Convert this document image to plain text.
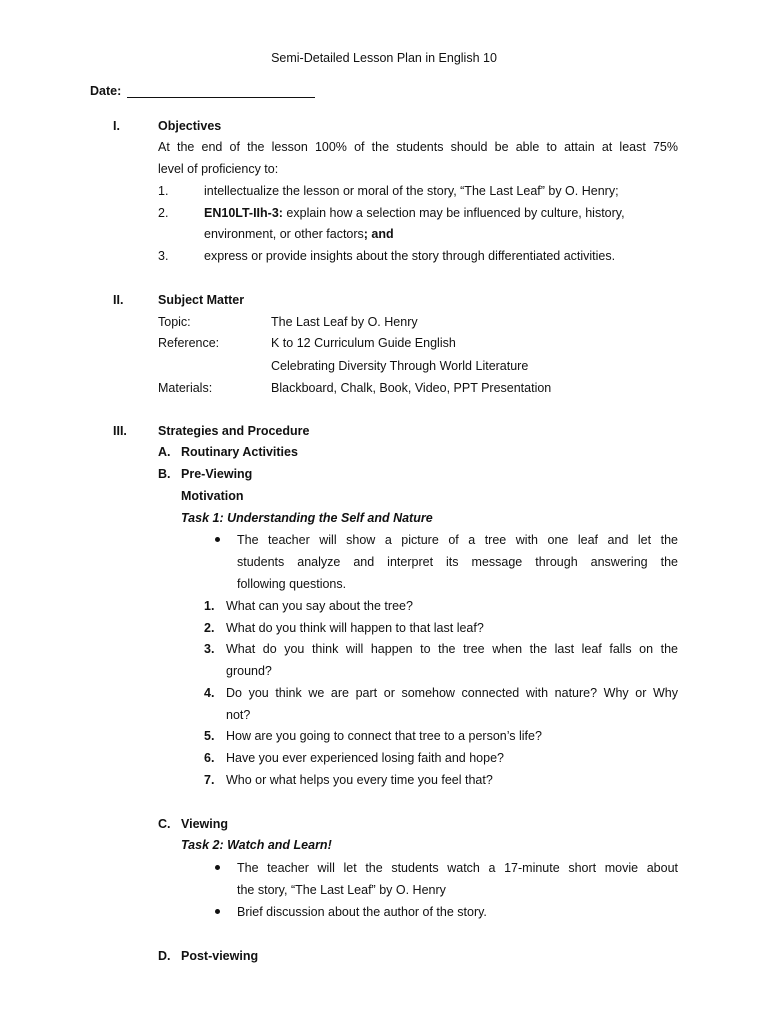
Semi-Detailed Lesson Plan in English 10
Date:
I.	Objectives
At the end of the lesson 100% of the students should be able to attain at least 75%
level of proficiency to:
1.	intellectualize the lesson or moral of the story, “The Last Leaf” by O. Henry;
2.	EN10LT-IIh-3: explain how a selection may be influenced by culture, history,
environment, or other factors; and
3.	express or provide insights about the story through differentiated activities.
II.	Subject Matter
Topic:	The Last Leaf by O. Henry
Reference:	K to 12 Curriculum Guide English
Celebrating Diversity Through World Literature
Materials:	Blackboard, Chalk, Book, Video, PPT Presentation
III. Strategies and Procedure
A. Routinary Activities
B. Pre-Viewing
Motivation
Task 1: Understanding the Self and Nature
The teacher will show a picture of a tree with one leaf and let the
students analyze and interpret its message through answering the
following questions.
1. What can you say about the tree?
2. What do you think will happen to that last leaf?
3. What do you think will happen to the tree when the last leaf falls on the
ground?
4. Do you think we are part or somehow connected with nature? Why or Why
not?
5. How are you going to connect that tree to a person’s life?
6. Have you ever experienced losing faith and hope?
7. Who or what helps you every time you feel that?
C. Viewing
Task 2: Watch and Learn!
The teacher will let the students watch a 17-minute short movie about
the story, “The Last Leaf” by O. Henry
Brief discussion about the author of the story.
D. Post-viewing
